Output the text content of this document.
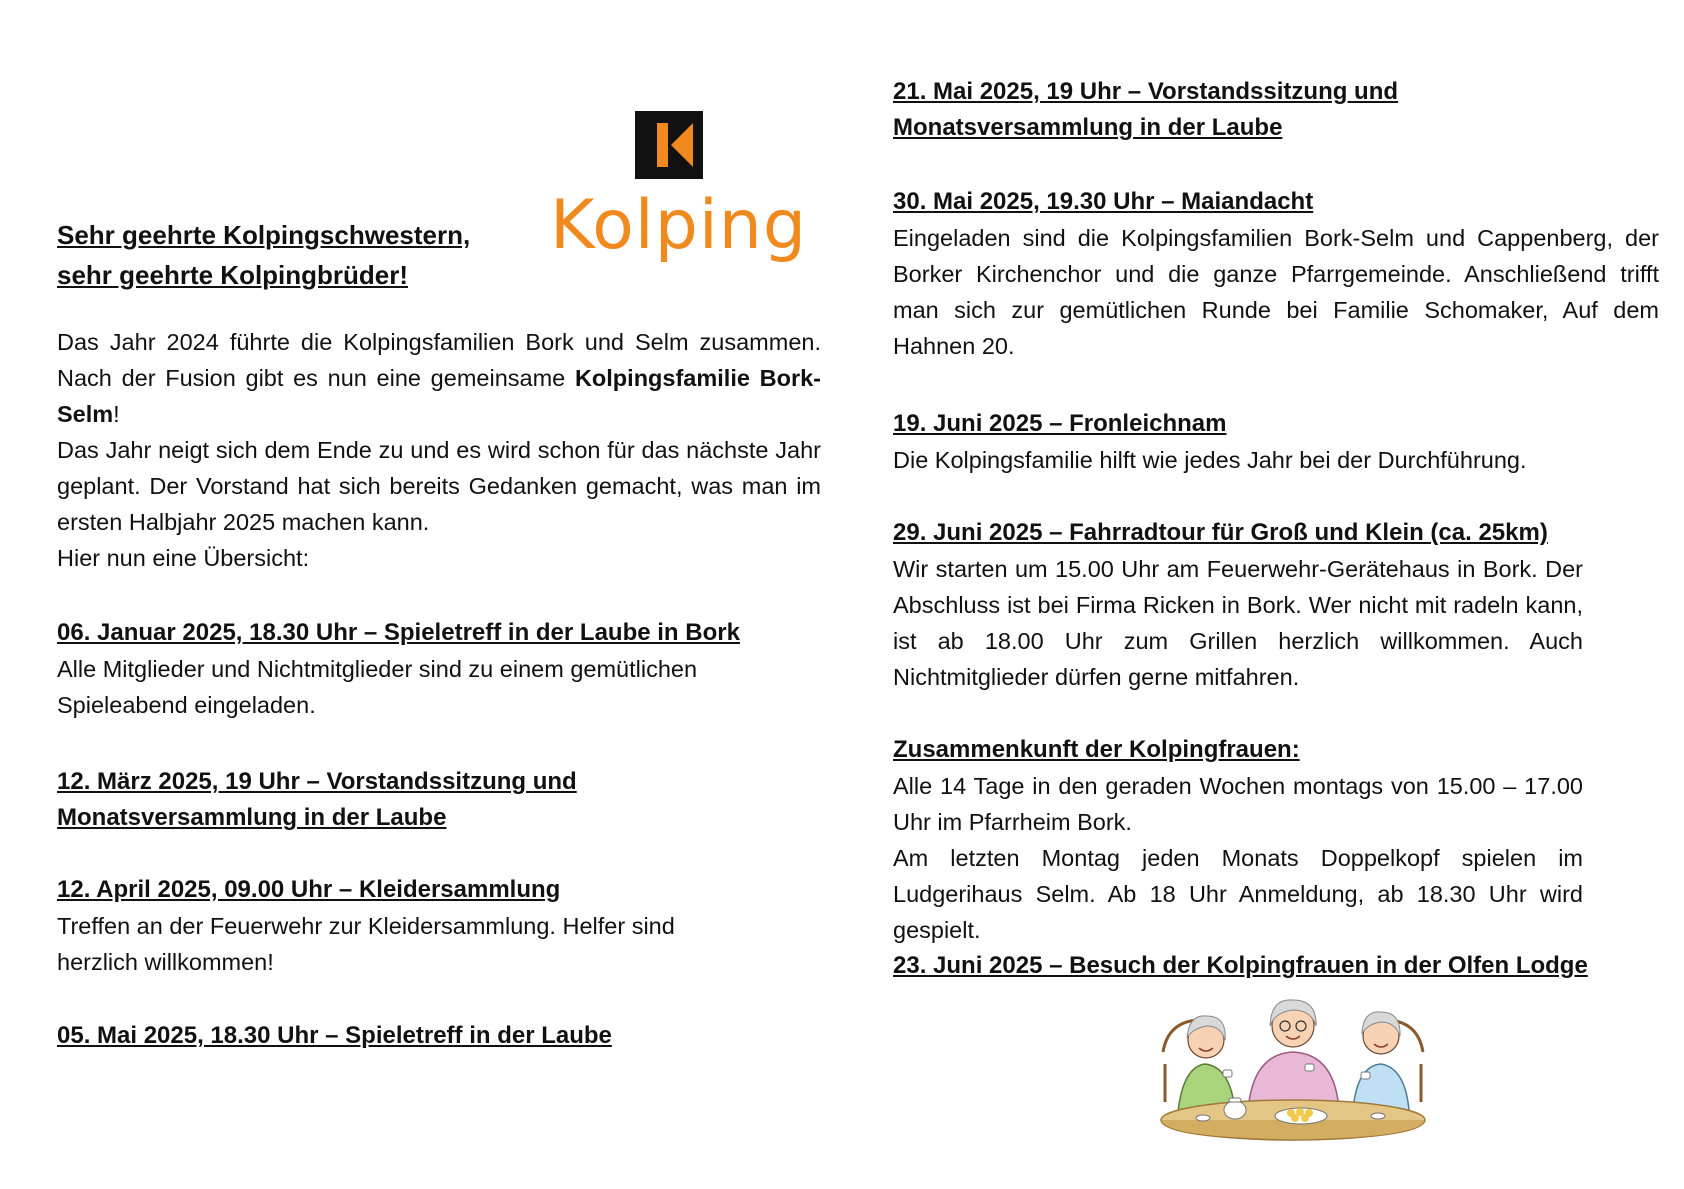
Kolping

Sehr geehrte Kolpingschwestern,

sehr geehrte Kolpingbrüder!

Das Jahr 2024 führte die Kolpingsfamilien Bork und Selm zusammen. Nach der Fusion gibt es nun eine gemeinsame Kolpingsfamilie Bork-Selm!

Das Jahr neigt sich dem Ende zu und es wird schon für das nächste Jahr geplant. Der Vorstand hat sich bereits Gedanken gemacht, was man im ersten Halbjahr 2025 machen kann.

Hier nun eine Übersicht:

06. Januar 2025, 18.30 Uhr – Spieletreff in der Laube in Bork

Alle Mitglieder und Nichtmitglieder sind zu einem gemütlichen Spieleabend eingeladen.

12. März 2025, 19 Uhr – Vorstandssitzung und Monatsversammlung in der Laube

12. April 2025, 09.00 Uhr – Kleidersammlung

Treffen an der Feuerwehr zur Kleidersammlung. Helfer sind herzlich willkommen!

05. Mai 2025, 18.30 Uhr – Spieletreff in der Laube

21. Mai 2025, 19 Uhr – Vorstandssitzung und Monatsversammlung in der Laube

30. Mai 2025, 19.30 Uhr – Maiandacht

Eingeladen sind die Kolpingsfamilien Bork-Selm und Cappenberg, der Borker Kirchenchor und die ganze Pfarrgemeinde. Anschließend trifft man sich zur gemütlichen Runde bei Familie Schomaker, Auf dem Hahnen 20.

19. Juni 2025 – Fronleichnam

Die Kolpingsfamilie hilft wie jedes Jahr bei der Durchführung.

29. Juni 2025 – Fahrradtour für Groß und Klein (ca. 25km)

Wir starten um 15.00 Uhr am Feuerwehr-Gerätehaus in Bork. Der Abschluss ist bei Firma Ricken in Bork. Wer nicht mit radeln kann, ist ab 18.00 Uhr zum Grillen herzlich willkommen. Auch Nichtmitglieder dürfen gerne mitfahren.

Zusammenkunft der Kolpingfrauen:

Alle 14 Tage in den geraden Wochen montags von 15.00 – 17.00 Uhr im Pfarrheim Bork.

Am letzten Montag jeden Monats Doppelkopf spielen im Ludgerihaus Selm. Ab 18 Uhr Anmeldung, ab 18.30 Uhr wird gespielt.

23. Juni 2025 – Besuch der Kolpingfrauen in der Olfen Lodge
